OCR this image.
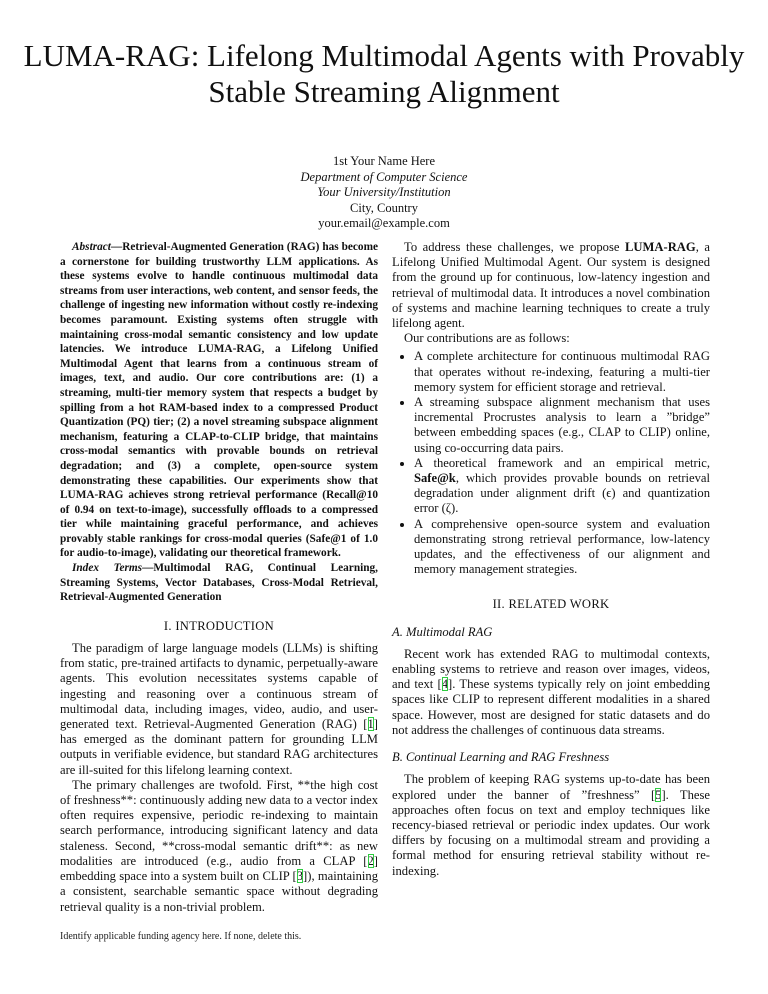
LUMA-RAG: Lifelong Multimodal Agents with Provably Stable Streaming Alignment
1st Your Name Here
Department of Computer Science
Your University/Institution
City, Country
your.email@example.com

Abstract—Retrieval-Augmented Generation (RAG) has become a cornerstone for building trustworthy LLM applications. As these systems evolve to handle continuous multimodal data streams from user interactions, web content, and sensor feeds, the challenge of ingesting new information without costly re-indexing becomes paramount. Existing systems often struggle with maintaining cross-modal semantic consistency and low update latencies. We introduce LUMA-RAG, a Lifelong Unified Multimodal Agent that learns from a continuous stream of images, text, and audio. Our core contributions are: (1) a streaming, multi-tier memory system that respects a budget by spilling from a hot RAM-based index to a compressed Product Quantization (PQ) tier; (2) a novel streaming subspace alignment mechanism, featuring a CLAP-to-CLIP bridge, that maintains cross-modal semantics with provable bounds on retrieval degradation; and (3) a complete, open-source system demonstrating these capabilities. Our experiments show that LUMA-RAG achieves strong retrieval performance (Recall@10 of 0.94 on text-to-image), successfully offloads to a compressed tier while maintaining graceful performance, and achieves provably stable rankings for cross-modal queries (Safe@1 of 1.0 for audio-to-image), validating our theoretical framework.

Index Terms—Multimodal RAG, Continual Learning, Streaming Systems, Vector Databases, Cross-Modal Retrieval, Retrieval-Augmented Generation

I. INTRODUCTION

The paradigm of large language models (LLMs) is shifting from static, pre-trained artifacts to dynamic, perpetually-aware agents. This evolution necessitates systems capable of ingesting and reasoning over a continuous stream of multimodal data, including images, video, audio, and user-generated text. Retrieval-Augmented Generation (RAG) [1] has emerged as the dominant pattern for grounding LLM outputs in verifiable evidence, but standard RAG architectures are ill-suited for this lifelong learning context.

The primary challenges are twofold. First, **the high cost of freshness**: continuously adding new data to a vector index often requires expensive, periodic re-indexing to maintain search performance, introducing significant latency and data staleness. Second, **cross-modal semantic drift**: as new modalities are introduced (e.g., audio from a CLAP [2] embedding space into a system built on CLIP [3]), maintaining a consistent, searchable semantic space without degrading retrieval quality is a non-trivial problem.

Identify applicable funding agency here. If none, delete this.

To address these challenges, we propose LUMA-RAG, a Lifelong Unified Multimodal Agent. Our system is designed from the ground up for continuous, low-latency ingestion and retrieval of multimodal data. It introduces a novel combination of systems and machine learning techniques to create a truly lifelong agent.

Our contributions are as follows:

• A complete architecture for continuous multimodal RAG that operates without re-indexing, featuring a multi-tier memory system for efficient storage and retrieval.
• A streaming subspace alignment mechanism that uses incremental Procrustes analysis to learn a ”bridge” between embedding spaces (e.g., CLAP to CLIP) online, using co-occurring data pairs.
• A theoretical framework and an empirical metric, Safe@k, which provides provable bounds on retrieval degradation under alignment drift (ϵ) and quantization error (ζ).
• A comprehensive open-source system and evaluation demonstrating strong retrieval performance, low-latency updates, and the effectiveness of our alignment and memory management strategies.
II. RELATED WORK
A. Multimodal RAG

Recent work has extended RAG to multimodal contexts, enabling systems to retrieve and reason over images, videos, and text [4]. These systems typically rely on joint embedding spaces like CLIP to represent different modalities in a shared space. However, most are designed for static datasets and do not address the challenges of continuous data streams.

B. Continual Learning and RAG Freshness

The problem of keeping RAG systems up-to-date has been explored under the banner of ”freshness” [5]. These approaches often focus on text and employ techniques like recency-biased retrieval or periodic index updates. Our work differs by focusing on a multimodal stream and providing a formal method for ensuring retrieval stability without re-indexing.
